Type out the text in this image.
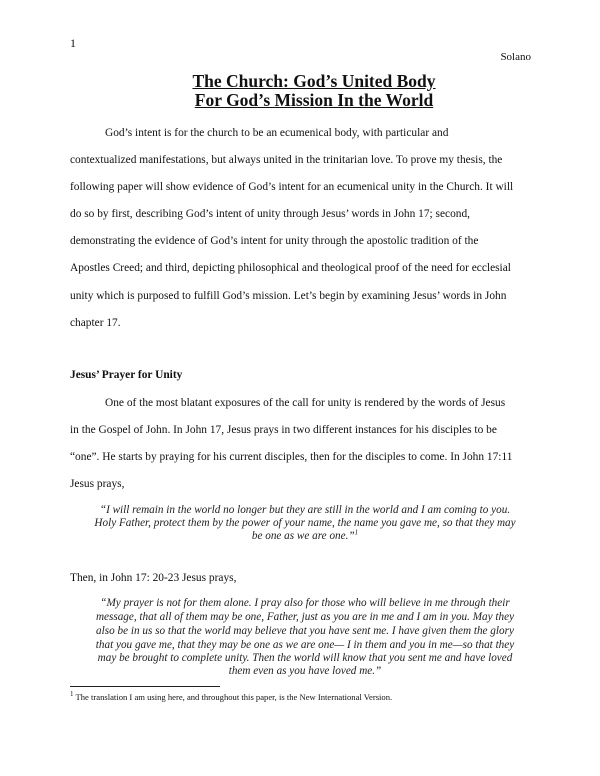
1
Solano
The Church: God’s United Body
For God’s Mission In the World
God’s intent is for the church to be an ecumenical body, with particular and
contextualized manifestations, but always united in the trinitarian love. To prove my thesis, the
following paper will show evidence of God’s intent for an ecumenical unity in the Church. It will
do so by first, describing God’s intent of unity through Jesus’ words in John 17; second,
demonstrating the evidence of God’s intent for unity through the apostolic tradition of the
Apostles Creed; and third, depicting philosophical and theological proof of the need for ecclesial
unity which is purposed to fulfill God’s mission. Let’s begin by examining Jesus’ words in John
chapter 17.
Jesus’ Prayer for Unity
One of the most blatant exposures of the call for unity is rendered by the words of Jesus
in the Gospel of John. In John 17, Jesus prays in two different instances for his disciples to be
“one”. He starts by praying for his current disciples, then for the disciples to come. In John 17:11
Jesus prays,
“I will remain in the world no longer but they are still in the world and I am coming to you.
Holy Father, protect them by the power of your name, the name you gave me, so that they may
be one as we are one.”$^1$
Then, in John 17: 20-23 Jesus prays,
“My prayer is not for them alone. I pray also for those who will believe in me through their
message, that all of them may be one, Father, just as you are in me and I am in you. May they
also be in us so that the world may believe that you have sent me. I have given them the glory
that you gave me, that they may be one as we are one— I in them and you in me—so that they
may be brought to complete unity. Then the world will know that you sent me and have loved
them even as you have loved me.”
$^1$ The translation I am using here, and throughout this paper, is the New International Version.
